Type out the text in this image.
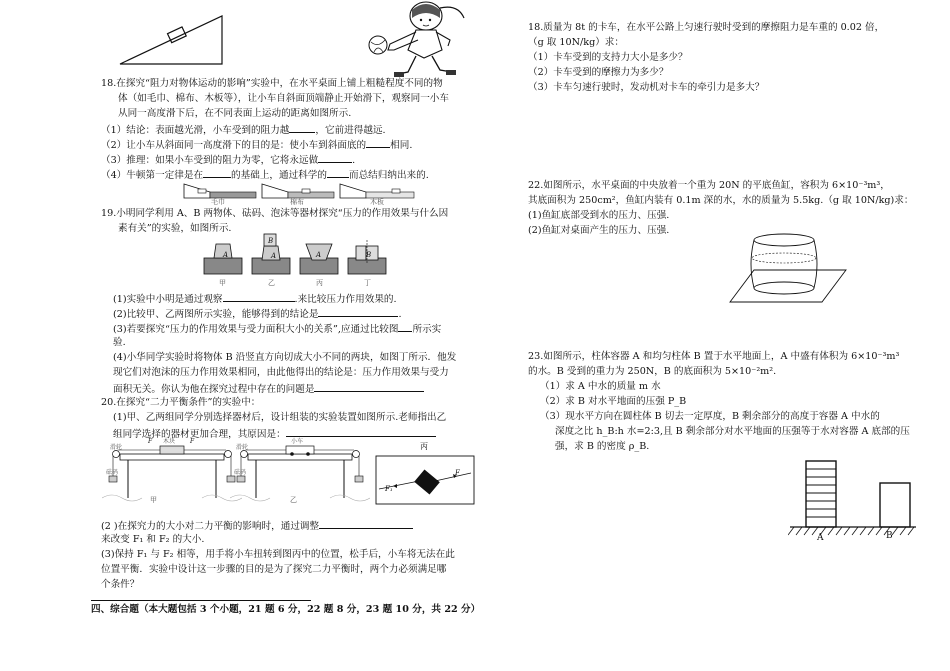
18.在探究“阻力对物体运动的影响”实验中，在水平桌面上铺上粗糙程度不同的物
体（如毛巾、棉布、木板等），让小车自斜面顶端静止开始滑下，观察同一小车
从同一高度滑下后，在不同表面上运动的距离如图所示.
（1）结论：表面越光滑，小车受到的阻力越	，它前进得越远.
（2）让小车从斜面同一高度滑下的目的是：使小车到斜面底的	相同.
（3）推理：如果小车受到的阻力为零，它将永远做	.
（4）牛顿第一定律是在	的基础上，通过科学的 而总结归纳出来的.
毛巾	棉布	木板
19.小明同学利用 A、B 两物体、砝码、泡沫等器材探究“压力的作用效果与什么因
素有关”的实验，如图所示.
A	A
B
A	B
甲	乙	丙	丁
(1)实验中小明是通过观察	.来比较压力作用效果的.
(2)比较甲、乙两图所示实验，能够得到的结论是	.
(3)若要探究“压力的作用效果与受力面积大小的关系”,应通过比较图 所示实
验.
(4)小华同学实验时将物体 B 沿竖直方向切成大小不同的两块，如图丁所示．他发
现它们对泡沫的压力作用效果相同，由此他得出的结论是：压力作用效果与受力
面积无关。你认为他在探究过程中存在的问题是
20.在探究“二力平衡条件”的实验中：
(1)甲、乙两组同学分别选择器材后，设计组装的实验装置如图所示.老师指出乙
组同学选择的器材更加合理，其原因是：
木块
滑轮
砝码
F	F
甲
小车
滑轮
砝码
乙
丙
F₁
F
(2 )在探究力的大小对二力平衡的影响时，通过调整
来改变 F₁ 和 F₂ 的大小.
(3)保持 F₁ 与 F₂ 相等，用手将小车扭转到图丙中的位置，松手后，小车将无法在此
位置平衡．实验中设计这一步骤的目的是为了探究二力平衡时，两个力必须满足哪
个条件？
四、综合题（本大题包括 3 个小题，21 题 6 分，22 题 8 分，23 题 10 分，共 22 分）
18.质量为 8t 的卡车，在水平公路上匀速行驶时受到的摩擦阻力是车重的 0.02 倍，
（g 取 10N/kg）求：
（1）卡车受到的支持力大小是多少？
（2）卡车受到的摩擦力为多少？
（3）卡车匀速行驶时，发动机对卡车的牵引力是多大？
22.如图所示，水平桌面的中央放着一个重为 20N 的平底鱼缸，容积为 6×10⁻³m³，
其底面积为 250cm²，鱼缸内装有 0.1m 深的水，水的质量为 5.5kg.（g 取 10N/kg)求：
(1)鱼缸底部受到水的压力、压强.
(2)鱼缸对桌面产生的压力、压强.
23.如图所示，柱体容器 A 和均匀柱体 B 置于水平地面上，A 中盛有体积为 6×10⁻³m³
的水。B 受到的重力为 250N，B 的底面积为 5×10⁻²m².
（1）求 A 中水的质量 m 水
（2）求 B 对水平地面的压强 P_B
（3）现水平方向在圆柱体 B 切去一定厚度，B 剩余部分的高度于容器 A 中水的
深度之比 h_B:h 水=2:3,且 B 剩余部分对水平地面的压强等于水对容器 A 底部的压
强，求 B 的密度 ρ_B.
A	B
